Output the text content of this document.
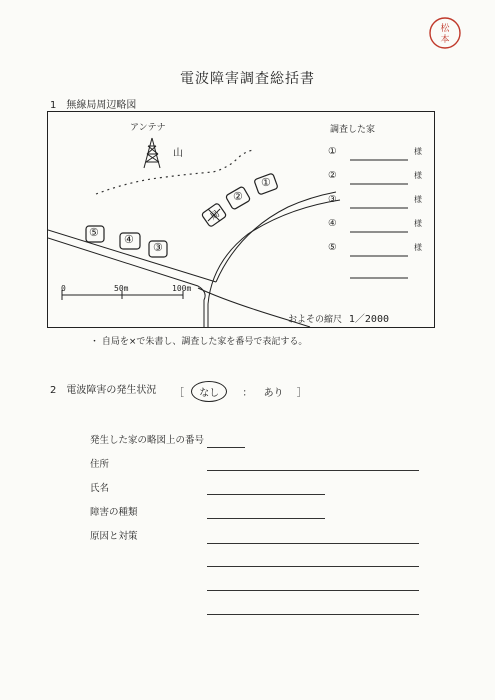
松
本
電波障害調査総括書
1　無線局周辺略図
アンテナ
山
①
②
局
③
④
⑤
0	50m	100m
およその縮尺 1／2000
調査した家
①
②
③
④
⑤
様
様
様
様
様
・ 自局を×で朱書し、調査した家を番号で表記する。
2　電波障害の発生状況 ［ なし ： あり ］
発生した家の略図上の番号
住所
氏名
障害の種類
原因と対策
